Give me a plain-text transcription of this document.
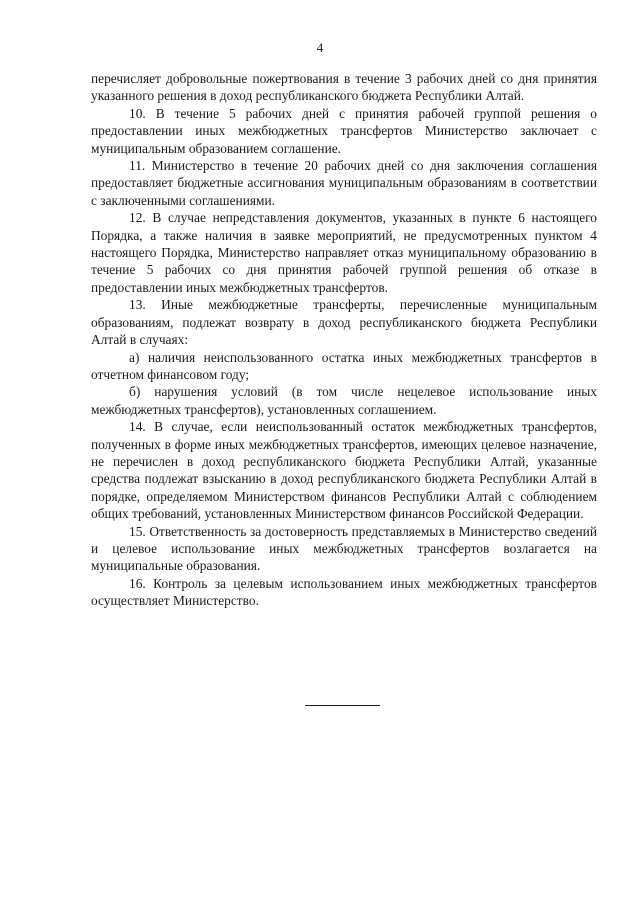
4

перечисляет добровольные пожертвования в течение 3 рабочих дней со дня принятия указанного решения в доход республиканского бюджета Республики Алтай.

10. В течение 5 рабочих дней с принятия рабочей группой решения о предоставлении иных межбюджетных трансфертов Министерство заключает с муниципальным образованием соглашение.

11. Министерство в течение 20 рабочих дней со дня заключения соглашения предоставляет бюджетные ассигнования муниципальным образованиям в соответствии с заключенными соглашениями.

12. В случае непредставления документов, указанных в пункте 6 настоящего Порядка, а также наличия в заявке мероприятий, не предусмотренных пунктом 4 настоящего Порядка, Министерство направляет отказ муниципальному образованию в течение 5 рабочих со дня принятия рабочей группой решения об отказе в предоставлении иных межбюджетных трансфертов.

13. Иные межбюджетные трансферты, перечисленные муниципальным образованиям, подлежат возврату в доход республиканского бюджета Республики Алтай в случаях:

а) наличия неиспользованного остатка иных межбюджетных трансфертов в отчетном финансовом году;

б) нарушения условий (в том числе нецелевое использование иных межбюджетных трансфертов), установленных соглашением.

14. В случае, если неиспользованный остаток межбюджетных трансфертов, полученных в форме иных межбюджетных трансфертов, имеющих целевое назначение, не перечислен в доход республиканского бюджета Республики Алтай, указанные средства подлежат взысканию в доход республиканского бюджета Республики Алтай в порядке, определяемом Министерством финансов Республики Алтай с соблюдением общих требований, установленных Министерством финансов Российской Федерации.

15. Ответственность за достоверность представляемых в Министерство сведений и целевое использование иных межбюджетных трансфертов возлагается на муниципальные образования.

16. Контроль за целевым использованием иных межбюджетных трансфертов осуществляет Министерство.
